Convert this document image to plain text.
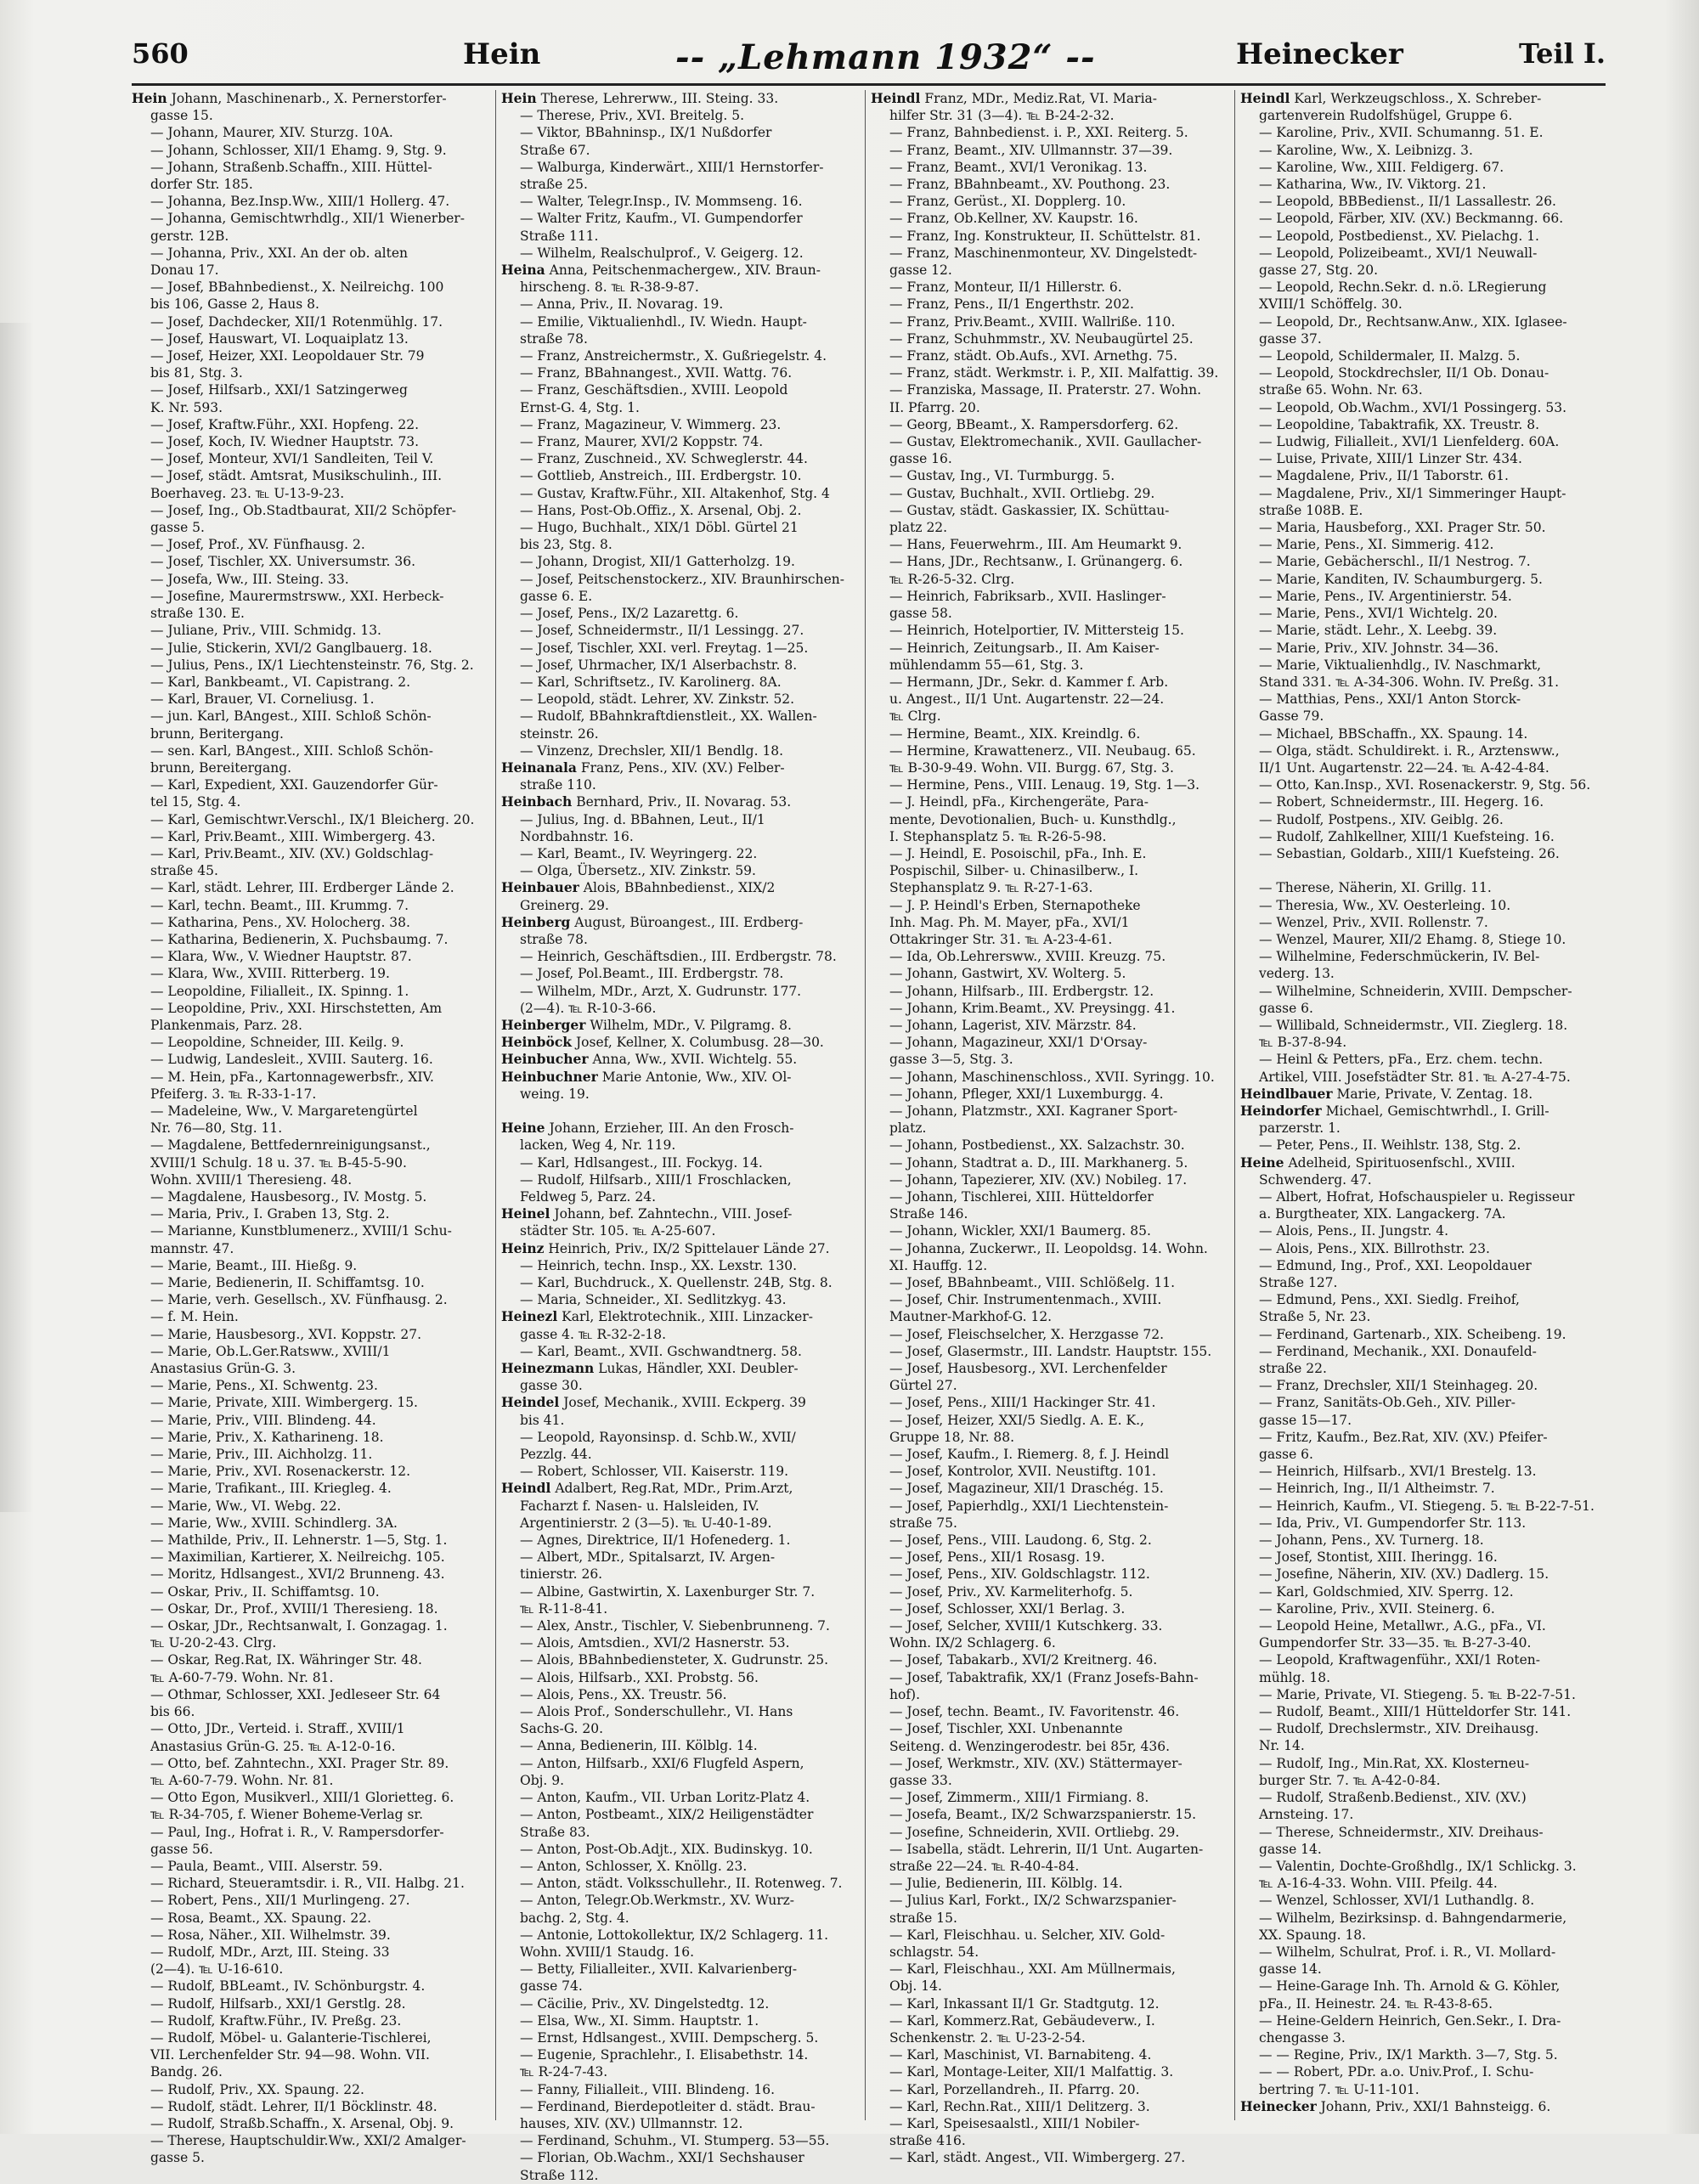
560	Hein	-- „Lehmann 1932“ --	Heinecker	Teil I.
Hein Johann, Maschinenarb., X. Pernerstorfer-
gasse 15.
— Johann, Maurer, XIV. Sturzg. 10A.
— Johann, Schlosser, XII/1 Ehamg. 9, Stg. 9.
— Johann, Straßenb.Schaffn., XIII. Hüttel-
dorfer Str. 185.
— Johanna, Bez.Insp.Ww., XIII/1 Hollerg. 47.
— Johanna, Gemischtwrhdlg., XII/1 Wienerber-
gerstr. 12B.
— Johanna, Priv., XXI. An der ob. alten
Donau 17.
— Josef, BBahnbedienst., X. Neilreichg. 100
bis 106, Gasse 2, Haus 8.
— Josef, Dachdecker, XII/1 Rotenmühlg. 17.
— Josef, Hauswart, VI. Loquaiplatz 13.
— Josef, Heizer, XXI. Leopoldauer Str. 79
bis 81, Stg. 3.
— Josef, Hilfsarb., XXI/1 Satzingerweg
K. Nr. 593.
— Josef, Kraftw.Führ., XXI. Hopfeng. 22.
— Josef, Koch, IV. Wiedner Hauptstr. 73.
— Josef, Monteur, XVI/1 Sandleiten, Teil V.
— Josef, städt. Amtsrat, Musikschulinh., III.
Boerhaveg. 23. ℡ U-13-9-23.
— Josef, Ing., Ob.Stadtbaurat, XII/2 Schöpfer-
gasse 5.
— Josef, Prof., XV. Fünfhausg. 2.
— Josef, Tischler, XX. Universumstr. 36.
— Josefa, Ww., III. Steing. 33.
— Josefine, Maurermstrsww., XXI. Herbeck-
straße 130. E.
— Juliane, Priv., VIII. Schmidg. 13.
— Julie, Stickerin, XVI/2 Ganglbauerg. 18.
— Julius, Pens., IX/1 Liechtensteinstr. 76, Stg. 2.
— Karl, Bankbeamt., VI. Capistrang. 2.
— Karl, Brauer, VI. Corneliusg. 1.
— jun. Karl, BAngest., XIII. Schloß Schön-
brunn, Beritergang.
— sen. Karl, BAngest., XIII. Schloß Schön-
brunn, Bereitergang.
— Karl, Expedient, XXI. Gauzendorfer Gür-
tel 15, Stg. 4.
— Karl, Gemischtwr.Verschl., IX/1 Bleicherg. 20.
— Karl, Priv.Beamt., XIII. Wimbergerg. 43.
— Karl, Priv.Beamt., XIV. (XV.) Goldschlag-
straße 45.
— Karl, städt. Lehrer, III. Erdberger Lände 2.
— Karl, techn. Beamt., III. Krummg. 7.
— Katharina, Pens., XV. Holocherg. 38.
— Katharina, Bedienerin, X. Puchsbaumg. 7.
— Klara, Ww., V. Wiedner Hauptstr. 87.
— Klara, Ww., XVIII. Ritterberg. 19.
— Leopoldine, Filialleit., IX. Spinng. 1.
— Leopoldine, Priv., XXI. Hirschstetten, Am
Plankenmais, Parz. 28.
— Leopoldine, Schneider, III. Keilg. 9.
— Ludwig, Landesleit., XVIII. Sauterg. 16.
— M. Hein, pFa., Kartonnagewerbsfr., XIV.
Pfeiferg. 3. ℡ R-33-1-17.
— Madeleine, Ww., V. Margaretengürtel
Nr. 76—80, Stg. 11.
— Magdalene, Bettfedernreinigungsanst.,
XVIII/1 Schulg. 18 u. 37. ℡ B-45-5-90.
Wohn. XVIII/1 Theresieng. 48.
— Magdalene, Hausbesorg., IV. Mostg. 5.
— Maria, Priv., I. Graben 13, Stg. 2.
— Marianne, Kunstblumenerz., XVIII/1 Schu-
mannstr. 47.
— Marie, Beamt., III. Hießg. 9.
— Marie, Bedienerin, II. Schiffamtsg. 10.
— Marie, verh. Gesellsch., XV. Fünfhausg. 2.
— f. M. Hein.
— Marie, Hausbesorg., XVI. Koppstr. 27.
— Marie, Ob.L.Ger.Ratsww., XVIII/1
Anastasius Grün-G. 3.
— Marie, Pens., XI. Schwentg. 23.
— Marie, Private, XIII. Wimbergerg. 15.
— Marie, Priv., VIII. Blindeng. 44.
— Marie, Priv., X. Katharineng. 18.
— Marie, Priv., III. Aichholzg. 11.
— Marie, Priv., XVI. Rosenackerstr. 12.
— Marie, Trafikant., III. Kriegleg. 4.
— Marie, Ww., VI. Webg. 22.
— Marie, Ww., XVIII. Schindlerg. 3A.
— Mathilde, Priv., II. Lehnerstr. 1—5, Stg. 1.
— Maximilian, Kartierer, X. Neilreichg. 105.
— Moritz, Hdlsangest., XVI/2 Brunneng. 43.
— Oskar, Priv., II. Schiffamtsg. 10.
— Oskar, Dr., Prof., XVIII/1 Theresieng. 18.
— Oskar, JDr., Rechtsanwalt, I. Gonzagag. 1.
℡ U-20-2-43. Clrg.
— Oskar, Reg.Rat, IX. Währinger Str. 48.
℡ A-60-7-79. Wohn. Nr. 81.
— Othmar, Schlosser, XXI. Jedleseer Str. 64
bis 66.
— Otto, JDr., Verteid. i. Straff., XVIII/1
Anastasius Grün-G. 25. ℡ A-12-0-16.
— Otto, bef. Zahntechn., XXI. Prager Str. 89.
℡ A-60-7-79. Wohn. Nr. 81.
— Otto Egon, Musikverl., XIII/1 Glorietteg. 6.
℡ R-34-705, f. Wiener Boheme-Verlag sr.
— Paul, Ing., Hofrat i. R., V. Rampersdorfer-
gasse 56.
— Paula, Beamt., VIII. Alserstr. 59.
— Richard, Steueramtsdir. i. R., VII. Halbg. 21.
— Robert, Pens., XII/1 Murlingeng. 27.
— Rosa, Beamt., XX. Spaung. 22.
— Rosa, Näher., XII. Wilhelmstr. 39.
— Rudolf, MDr., Arzt, III. Steing. 33
(2—4). ℡ U-16-610.
— Rudolf, BBLeamt., IV. Schönburgstr. 4.
— Rudolf, Hilfsarb., XXI/1 Gerstlg. 28.
— Rudolf, Kraftw.Führ., IV. Preßg. 23.
— Rudolf, Möbel- u. Galanterie-Tischlerei,
VII. Lerchenfelder Str. 94—98. Wohn. VII.
Bandg. 26.
— Rudolf, Priv., XX. Spaung. 22.
— Rudolf, städt. Lehrer, II/1 Böcklinstr. 48.
— Rudolf, Straßb.Schaffn., X. Arsenal, Obj. 9.
— Therese, Hauptschuldir.Ww., XXI/2 Amalger-
gasse 5.
Hein Therese, Lehrerww., III. Steing. 33.
— Therese, Priv., XVI. Breitelg. 5.
— Viktor, BBahninsp., IX/1 Nußdorfer
Straße 67.
— Walburga, Kinderwärt., XIII/1 Hernstorfer-
straße 25.
— Walter, Telegr.Insp., IV. Mommseng. 16.
— Walter Fritz, Kaufm., VI. Gumpendorfer
Straße 111.
— Wilhelm, Realschulprof., V. Geigerg. 12.
Heina Anna, Peitschenmachergew., XIV. Braun-
hirscheng. 8. ℡ R-38-9-87.
— Anna, Priv., II. Novarag. 19.
— Emilie, Viktualienhdl., IV. Wiedn. Haupt-
straße 78.
— Franz, Anstreichermstr., X. Gußriegelstr. 4.
— Franz, BBahnangest., XVII. Wattg. 76.
— Franz, Geschäftsdien., XVIII. Leopold
Ernst-G. 4, Stg. 1.
— Franz, Magazineur, V. Wimmerg. 23.
— Franz, Maurer, XVI/2 Koppstr. 74.
— Franz, Zuschneid., XV. Schweglerstr. 44.
— Gottlieb, Anstreich., III. Erdbergstr. 10.
— Gustav, Kraftw.Führ., XII. Altakenhof, Stg. 4
— Hans, Post-Ob.Offiz., X. Arsenal, Obj. 2.
— Hugo, Buchhalt., XIX/1 Döbl. Gürtel 21
bis 23, Stg. 8.
— Johann, Drogist, XII/1 Gatterholzg. 19.
— Josef, Peitschenstockerz., XIV. Braunhirschen-
gasse 6. E.
— Josef, Pens., IX/2 Lazarettg. 6.
— Josef, Schneidermstr., II/1 Lessingg. 27.
— Josef, Tischler, XXI. verl. Freytag. 1—25.
— Josef, Uhrmacher, IX/1 Alserbachstr. 8.
— Karl, Schriftsetz., IV. Karolinerg. 8A.
— Leopold, städt. Lehrer, XV. Zinkstr. 52.
— Rudolf, BBahnkraftdienstleit., XX. Wallen-
steinstr. 26.
— Vinzenz, Drechsler, XII/1 Bendlg. 18.
Heinanala Franz, Pens., XIV. (XV.) Felber-
straße 110.
Heinbach Bernhard, Priv., II. Novarag. 53.
— Julius, Ing. d. BBahnen, Leut., II/1
Nordbahnstr. 16.
— Karl, Beamt., IV. Weyringerg. 22.
— Olga, Übersetz., XIV. Zinkstr. 59.
Heinbauer Alois, BBahnbedienst., XIX/2
Greinerg. 29.
Heinberg August, Büroangest., III. Erdberg-
straße 78.
— Heinrich, Geschäftsdien., III. Erdbergstr. 78.
— Josef, Pol.Beamt., III. Erdbergstr. 78.
— Wilhelm, MDr., Arzt, X. Gudrunstr. 177.
(2—4). ℡ R-10-3-66.
Heinberger Wilhelm, MDr., V. Pilgramg. 8.
Heinböck Josef, Kellner, X. Columbusg. 28—30.
Heinbucher Anna, Ww., XVII. Wichtelg. 55.
Heinbuchner Marie Antonie, Ww., XIV. Ol-
weing. 19.
Heine Johann, Erzieher, III. An den Frosch-
lacken, Weg 4, Nr. 119.
— Karl, Hdlsangest., III. Fockyg. 14.
— Rudolf, Hilfsarb., XIII/1 Froschlacken,
Feldweg 5, Parz. 24.
Heinel Johann, bef. Zahntechn., VIII. Josef-
städter Str. 105. ℡ A-25-607.
Heinz Heinrich, Priv., IX/2 Spittelauer Lände 27.
— Heinrich, techn. Insp., XX. Lexstr. 130.
— Karl, Buchdruck., X. Quellenstr. 24B, Stg. 8.
— Maria, Schneider., XI. Sedlitzkyg. 43.
Heinezl Karl, Elektrotechnik., XIII. Linzacker-
gasse 4. ℡ R-32-2-18.
— Karl, Beamt., XVII. Gschwandtnerg. 58.
Heinezmann Lukas, Händler, XXI. Deubler-
gasse 30.
Heindel Josef, Mechanik., XVIII. Eckperg. 39
bis 41.
— Leopold, Rayonsinsp. d. Schb.W., XVII/
Pezzlg. 44.
— Robert, Schlosser, VII. Kaiserstr. 119.
Heindl Adalbert, Reg.Rat, MDr., Prim.Arzt,
Facharzt f. Nasen- u. Halsleiden, IV.
Argentinierstr. 2 (3—5). ℡ U-40-1-89.
— Agnes, Direktrice, II/1 Hofenederg. 1.
— Albert, MDr., Spitalsarzt, IV. Argen-
tinierstr. 26.
— Albine, Gastwirtin, X. Laxenburger Str. 7.
℡ R-11-8-41.
— Alex, Anstr., Tischler, V. Siebenbrunneng. 7.
— Alois, Amtsdien., XVI/2 Hasnerstr. 53.
— Alois, BBahnbediensteter, X. Gudrunstr. 25.
— Alois, Hilfsarb., XXI. Probstg. 56.
— Alois, Pens., XX. Treustr. 56.
— Alois Prof., Sonderschullehr., VI. Hans
Sachs-G. 20.
— Anna, Bedienerin, III. Kölblg. 14.
— Anton, Hilfsarb., XXI/6 Flugfeld Aspern,
Obj. 9.
— Anton, Kaufm., VII. Urban Loritz-Platz 4.
— Anton, Postbeamt., XIX/2 Heiligenstädter
Straße 83.
— Anton, Post-Ob.Adjt., XIX. Budinskyg. 10.
— Anton, Schlosser, X. Knöllg. 23.
— Anton, städt. Volksschullehr., II. Rotenweg. 7.
— Anton, Telegr.Ob.Werkmstr., XV. Wurz-
bachg. 2, Stg. 4.
— Antonie, Lottokollektur, IX/2 Schlagerg. 11.
Wohn. XVIII/1 Staudg. 16.
— Betty, Filialleiter., XVII. Kalvarienberg-
gasse 74.
— Cäcilie, Priv., XV. Dingelstedtg. 12.
— Elsa, Ww., XI. Simm. Hauptstr. 1.
— Ernst, Hdlsangest., XVIII. Dempscherg. 5.
— Eugenie, Sprachlehr., I. Elisabethstr. 14.
℡ R-24-7-43.
— Fanny, Filialleit., VIII. Blindeng. 16.
— Ferdinand, Bierdepotleiter d. städt. Brau-
hauses, XIV. (XV.) Ullmannstr. 12.
— Ferdinand, Schuhm., VI. Stumperg. 53—55.
— Florian, Ob.Wachm., XXI/1 Sechshauser
Straße 112.
Heindl Franz, MDr., Mediz.Rat, VI. Maria-
hilfer Str. 31 (3—4). ℡ B-24-2-32.
— Franz, Bahnbedienst. i. P., XXI. Reiterg. 5.
— Franz, Beamt., XIV. Ullmannstr. 37—39.
— Franz, Beamt., XVI/1 Veronikag. 13.
— Franz, BBahnbeamt., XV. Pouthong. 23.
— Franz, Gerüst., XI. Dopplerg. 10.
— Franz, Ob.Kellner, XV. Kaupstr. 16.
— Franz, Ing. Konstrukteur, II. Schüttelstr. 81.
— Franz, Maschinenmonteur, XV. Dingelstedt-
gasse 12.
— Franz, Monteur, II/1 Hillerstr. 6.
— Franz, Pens., II/1 Engerthstr. 202.
— Franz, Priv.Beamt., XVIII. Wallriße. 110.
— Franz, Schuhmmstr., XV. Neubaugürtel 25.
— Franz, städt. Ob.Aufs., XVI. Arnethg. 75.
— Franz, städt. Werkmstr. i. P., XII. Malfattig. 39.
— Franziska, Massage, II. Praterstr. 27. Wohn.
II. Pfarrg. 20.
— Georg, BBeamt., X. Rampersdorferg. 62.
— Gustav, Elektromechanik., XVII. Gaullacher-
gasse 16.
— Gustav, Ing., VI. Turmburgg. 5.
— Gustav, Buchhalt., XVII. Ortliebg. 29.
— Gustav, städt. Gaskassier, IX. Schüttau-
platz 22.
— Hans, Feuerwehrm., III. Am Heumarkt 9.
— Hans, JDr., Rechtsanw., I. Grünangerg. 6.
℡ R-26-5-32. Clrg.
— Heinrich, Fabriksarb., XVII. Haslinger-
gasse 58.
— Heinrich, Hotelportier, IV. Mittersteig 15.
— Heinrich, Zeitungsarb., II. Am Kaiser-
mühlendamm 55—61, Stg. 3.
— Hermann, JDr., Sekr. d. Kammer f. Arb.
u. Angest., II/1 Unt. Augartenstr. 22—24.
℡ Clrg.
— Hermine, Beamt., XIX. Kreindlg. 6.
— Hermine, Krawattenerz., VII. Neubaug. 65.
℡ B-30-9-49. Wohn. VII. Burgg. 67, Stg. 3.
— Hermine, Pens., VIII. Lenaug. 19, Stg. 1—3.
— J. Heindl, pFa., Kirchengeräte, Para-
mente, Devotionalien, Buch- u. Kunsthdlg.,
I. Stephansplatz 5. ℡ R-26-5-98.
— J. Heindl, E. Posoischil, pFa., Inh. E.
Pospischil, Silber- u. Chinasilberw., I.
Stephansplatz 9. ℡ R-27-1-63.
— J. P. Heindl's Erben, Sternapotheke
Inh. Mag. Ph. M. Mayer, pFa., XVI/1
Ottakringer Str. 31. ℡ A-23-4-61.
— Ida, Ob.Lehrersww., XVIII. Kreuzg. 75.
— Johann, Gastwirt, XV. Wolterg. 5.
— Johann, Hilfsarb., III. Erdbergstr. 12.
— Johann, Krim.Beamt., XV. Preysingg. 41.
— Johann, Lagerist, XIV. Märzstr. 84.
— Johann, Magazineur, XXI/1 D'Orsay-
gasse 3—5, Stg. 3.
— Johann, Maschinenschloss., XVII. Syringg. 10.
— Johann, Pfleger, XXI/1 Luxemburgg. 4.
— Johann, Platzmstr., XXI. Kagraner Sport-
platz.
— Johann, Postbedienst., XX. Salzachstr. 30.
— Johann, Stadtrat a. D., III. Markhanerg. 5.
— Johann, Tapezierer, XIV. (XV.) Nobileg. 17.
— Johann, Tischlerei, XIII. Hütteldorfer
Straße 146.
— Johann, Wickler, XXI/1 Baumerg. 85.
— Johanna, Zuckerwr., II. Leopoldsg. 14. Wohn.
XI. Hauffg. 12.
— Josef, BBahnbeamt., VIII. Schlößelg. 11.
— Josef, Chir. Instrumentenmach., XVIII.
Mautner-Markhof-G. 12.
— Josef, Fleischselcher, X. Herzgasse 72.
— Josef, Glasermstr., III. Landstr. Hauptstr. 155.
— Josef, Hausbesorg., XVI. Lerchenfelder
Gürtel 27.
— Josef, Pens., XIII/1 Hackinger Str. 41.
— Josef, Heizer, XXI/5 Siedlg. A. E. K.,
Gruppe 18, Nr. 88.
— Josef, Kaufm., I. Riemerg. 8, f. J. Heindl
— Josef, Kontrolor, XVII. Neustiftg. 101.
— Josef, Magazineur, XII/1 Draschég. 15.
— Josef, Papierhdlg., XXI/1 Liechtenstein-
straße 75.
— Josef, Pens., VIII. Laudong. 6, Stg. 2.
— Josef, Pens., XII/1 Rosasg. 19.
— Josef, Pens., XIV. Goldschlagstr. 112.
— Josef, Priv., XV. Karmeliterhofg. 5.
— Josef, Schlosser, XXI/1 Berlag. 3.
— Josef, Selcher, XVIII/1 Kutschkerg. 33.
Wohn. IX/2 Schlagerg. 6.
— Josef, Tabakarb., XVI/2 Kreitnerg. 46.
— Josef, Tabaktrafik, XX/1 (Franz Josefs-Bahn-
hof).
— Josef, techn. Beamt., IV. Favoritenstr. 46.
— Josef, Tischler, XXI. Unbenannte
Seiteng. d. Wenzingerodestr. bei 85r, 436.
— Josef, Werkmstr., XIV. (XV.) Stättermayer-
gasse 33.
— Josef, Zimmerm., XIII/1 Firmiang. 8.
— Josefa, Beamt., IX/2 Schwarzspanierstr. 15.
— Josefine, Schneiderin, XVII. Ortliebg. 29.
— Isabella, städt. Lehrerin, II/1 Unt. Augarten-
straße 22—24. ℡ R-40-4-84.
— Julie, Bedienerin, III. Kölblg. 14.
— Julius Karl, Forkt., IX/2 Schwarzspanier-
straße 15.
— Karl, Fleischhau. u. Selcher, XIV. Gold-
schlagstr. 54.
— Karl, Fleischhau., XXI. Am Müllnermais,
Obj. 14.
— Karl, Inkassant II/1 Gr. Stadtgutg. 12.
— Karl, Kommerz.Rat, Gebäudeverw., I.
Schenkenstr. 2. ℡ U-23-2-54.
— Karl, Maschinist, VI. Barnabiteng. 4.
— Karl, Montage-Leiter, XII/1 Malfattig. 3.
— Karl, Porzellandreh., II. Pfarrg. 20.
— Karl, Rechn.Rat., XIII/1 Delitzerg. 3.
— Karl, Speisesaalstl., XIII/1 Nobiler-
straße 416.
— Karl, städt. Angest., VII. Wimbergerg. 27.
Heindl Karl, Werkzeugschloss., X. Schreber-
gartenverein Rudolfshügel, Gruppe 6.
— Karoline, Priv., XVII. Schumanng. 51. E.
— Karoline, Ww., X. Leibnizg. 3.
— Karoline, Ww., XIII. Feldigerg. 67.
— Katharina, Ww., IV. Viktorg. 21.
— Leopold, BBBedienst., II/1 Lassallestr. 26.
— Leopold, Färber, XIV. (XV.) Beckmanng. 66.
— Leopold, Postbedienst., XV. Pielachg. 1.
— Leopold, Polizeibeamt., XVI/1 Neuwall-
gasse 27, Stg. 20.
— Leopold, Rechn.Sekr. d. n.ö. LRegierung
XVIII/1 Schöffelg. 30.
— Leopold, Dr., Rechtsanw.Anw., XIX. Iglasee-
gasse 37.
— Leopold, Schildermaler, II. Malzg. 5.
— Leopold, Stockdrechsler, II/1 Ob. Donau-
straße 65. Wohn. Nr. 63.
— Leopold, Ob.Wachm., XVI/1 Possingerg. 53.
— Leopoldine, Tabaktrafik, XX. Treustr. 8.
— Ludwig, Filialleit., XVI/1 Lienfelderg. 60A.
— Luise, Private, XIII/1 Linzer Str. 434.
— Magdalene, Priv., II/1 Taborstr. 61.
— Magdalene, Priv., XI/1 Simmeringer Haupt-
straße 108B. E.
— Maria, Hausbeforg., XXI. Prager Str. 50.
— Marie, Pens., XI. Simmerig. 412.
— Marie, Gebächerschl., II/1 Nestrog. 7.
— Marie, Kanditen, IV. Schaumburgerg. 5.
— Marie, Pens., IV. Argentinierstr. 54.
— Marie, Pens., XVI/1 Wichtelg. 20.
— Marie, städt. Lehr., X. Leebg. 39.
— Marie, Priv., XIV. Johnstr. 34—36.
— Marie, Viktualienhdlg., IV. Naschmarkt,
Stand 331. ℡ A-34-306. Wohn. IV. Preßg. 31.
— Matthias, Pens., XXI/1 Anton Storck-
Gasse 79.
— Michael, BBSchaffn., XX. Spaung. 14.
— Olga, städt. Schuldirekt. i. R., Arztensww.,
II/1 Unt. Augartenstr. 22—24. ℡ A-42-4-84.
— Otto, Kan.Insp., XVI. Rosenackerstr. 9, Stg. 56.
— Robert, Schneidermstr., III. Hegerg. 16.
— Rudolf, Postpens., XIV. Geiblg. 26.
— Rudolf, Zahlkellner, XIII/1 Kuefsteing. 16.
— Sebastian, Goldarb., XIII/1 Kuefsteing. 26.
— Therese, Näherin, XI. Grillg. 11.
— Theresia, Ww., XV. Oesterleing. 10.
— Wenzel, Priv., XVII. Rollenstr. 7.
— Wenzel, Maurer, XII/2 Ehamg. 8, Stiege 10.
— Wilhelmine, Federschmückerin, IV. Bel-
vederg. 13.
— Wilhelmine, Schneiderin, XVIII. Dempscher-
gasse 6.
— Willibald, Schneidermstr., VII. Zieglerg. 18.
℡ B-37-8-94.
— Heinl & Petters, pFa., Erz. chem. techn.
Artikel, VIII. Josefstädter Str. 81. ℡ A-27-4-75.
Heindlbauer Marie, Private, V. Zentag. 18.
Heindorfer Michael, Gemischtwrhdl., I. Grill-
parzerstr. 1.
— Peter, Pens., II. Weihlstr. 138, Stg. 2.
Heine Adelheid, Spirituosenfschl., XVIII.
Schwenderg. 47.
— Albert, Hofrat, Hofschauspieler u. Regisseur
a. Burgtheater, XIX. Langackerg. 7A.
— Alois, Pens., II. Jungstr. 4.
— Alois, Pens., XIX. Billrothstr. 23.
— Edmund, Ing., Prof., XXI. Leopoldauer
Straße 127.
— Edmund, Pens., XXI. Siedlg. Freihof,
Straße 5, Nr. 23.
— Ferdinand, Gartenarb., XIX. Scheibeng. 19.
— Ferdinand, Mechanik., XXI. Donaufeld-
straße 22.
— Franz, Drechsler, XII/1 Steinhageg. 20.
— Franz, Sanitäts-Ob.Geh., XIV. Piller-
gasse 15—17.
— Fritz, Kaufm., Bez.Rat, XIV. (XV.) Pfeifer-
gasse 6.
— Heinrich, Hilfsarb., XVI/1 Brestelg. 13.
— Heinrich, Ing., II/1 Altheimstr. 7.
— Heinrich, Kaufm., VI. Stiegeng. 5. ℡ B-22-7-51.
— Ida, Priv., VI. Gumpendorfer Str. 113.
— Johann, Pens., XV. Turnerg. 18.
— Josef, Stontist, XIII. Iheringg. 16.
— Josefine, Näherin, XIV. (XV.) Dadlerg. 15.
— Karl, Goldschmied, XIV. Sperrg. 12.
— Karoline, Priv., XVII. Steinerg. 6.
— Leopold Heine, Metallwr., A.G., pFa., VI.
Gumpendorfer Str. 33—35. ℡ B-27-3-40.
— Leopold, Kraftwagenführ., XXI/1 Roten-
mühlg. 18.
— Marie, Private, VI. Stiegeng. 5. ℡ B-22-7-51.
— Rudolf, Beamt., XIII/1 Hütteldorfer Str. 141.
— Rudolf, Drechslermstr., XIV. Dreihausg.
Nr. 14.
— Rudolf, Ing., Min.Rat, XX. Klosterneu-
burger Str. 7. ℡ A-42-0-84.
— Rudolf, Straßenb.Bedienst., XIV. (XV.)
Arnsteing. 17.
— Therese, Schneidermstr., XIV. Dreihaus-
gasse 14.
— Valentin, Dochte-Großhdlg., IX/1 Schlickg. 3.
℡ A-16-4-33. Wohn. VIII. Pfeilg. 44.
— Wenzel, Schlosser, XVI/1 Luthandlg. 8.
— Wilhelm, Bezirksinsp. d. Bahngendarmerie,
XX. Spaung. 18.
— Wilhelm, Schulrat, Prof. i. R., VI. Mollard-
gasse 14.
— Heine-Garage Inh. Th. Arnold & G. Köhler,
pFa., II. Heinestr. 24. ℡ R-43-8-65.
— Heine-Geldern Heinrich, Gen.Sekr., I. Dra-
chengasse 3.
— — Regine, Priv., IX/1 Markth. 3—7, Stg. 5.
— — Robert, PDr. a.o. Univ.Prof., I. Schu-
bertring 7. ℡ U-11-101.
Heinecker Johann, Priv., XXI/1 Bahnsteigg. 6.
